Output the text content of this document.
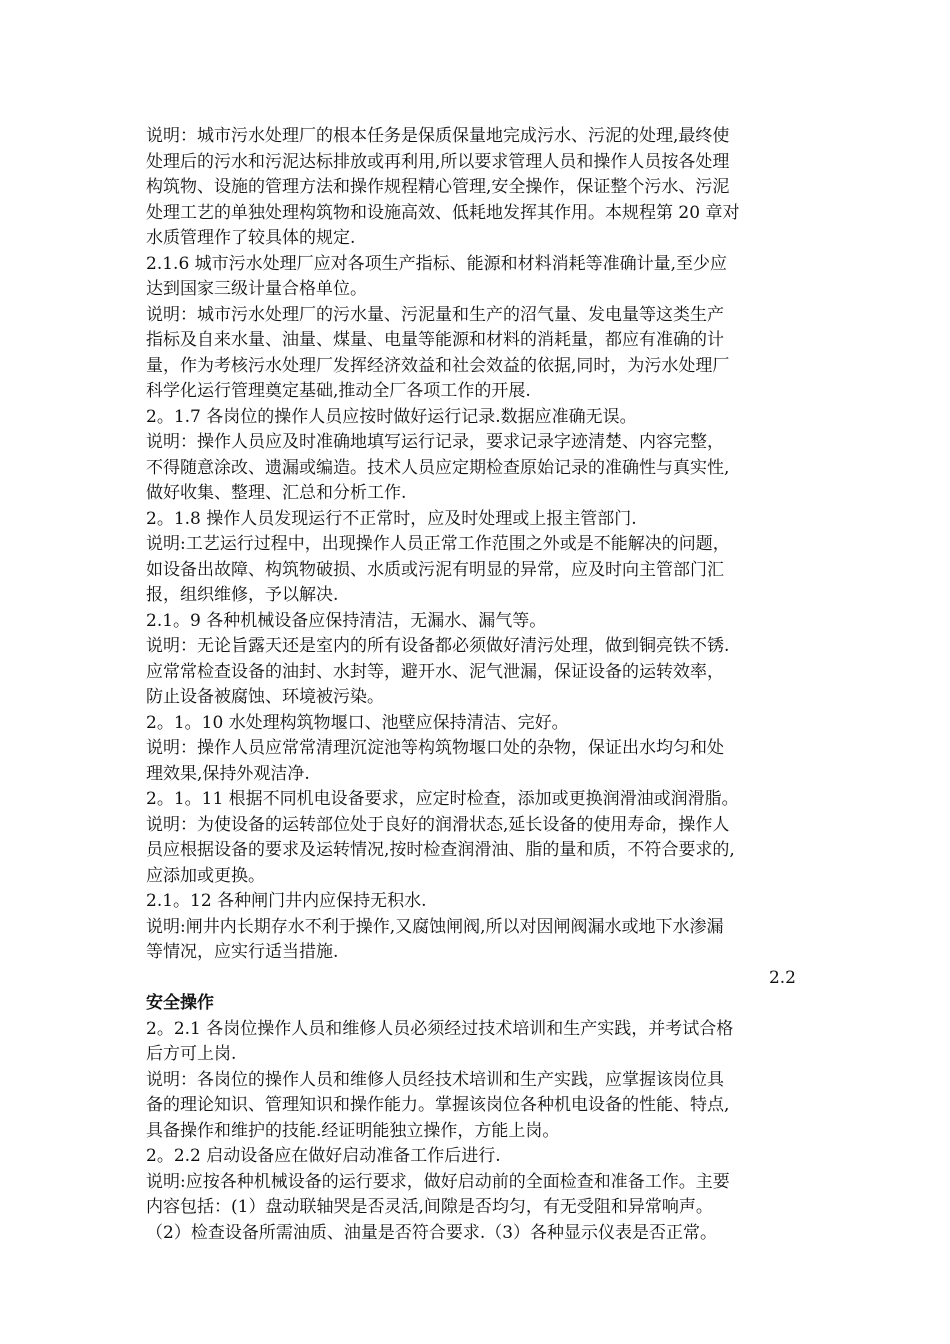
说明：城市污水处理厂的根本任务是保质保量地完成污水、污泥的处理,最终使
处理后的污水和污泥达标排放或再利用,所以要求管理人员和操作人员按各处理
构筑物、设施的管理方法和操作规程精心管理,安全操作，保证整个污水、污泥
处理工艺的单独处理构筑物和设施高效、低耗地发挥其作用。本规程第 20 章对
水质管理作了较具体的规定.
2.1.6 城市污水处理厂应对各项生产指标、能源和材料消耗等准确计量,至少应
达到国家三级计量合格单位。
说明：城市污水处理厂的污水量、污泥量和生产的沼气量、发电量等这类生产
指标及自来水量、油量、煤量、电量等能源和材料的消耗量，都应有准确的计
量，作为考核污水处理厂发挥经济效益和社会效益的依据,同时，为污水处理厂
科学化运行管理奠定基础,推动全厂各项工作的开展.
2。1.7 各岗位的操作人员应按时做好运行记录.数据应准确无误。
说明：操作人员应及时准确地填写运行记录，要求记录字迹清楚、内容完整，
不得随意涂改、遗漏或编造。技术人员应定期检查原始记录的准确性与真实性,
做好收集、整理、汇总和分析工作.
2。1.8 操作人员发现运行不正常时，应及时处理或上报主管部门.
说明:工艺运行过程中，出现操作人员正常工作范围之外或是不能解决的问题，
如设备出故障、构筑物破损、水质或污泥有明显的异常，应及时向主管部门汇
报，组织维修，予以解决.
2.1。9 各种机械设备应保持清洁，无漏水、漏气等。
说明：无论旨露天还是室内的所有设备都必须做好清污处理，做到铜亮铁不锈.
应常常检查设备的油封、水封等，避开水、泥气泄漏，保证设备的运转效率，
防止设备被腐蚀、环境被污染。
2。1。10 水处理构筑物堰口、池壁应保持清洁、完好。
说明：操作人员应常常清理沉淀池等构筑物堰口处的杂物，保证出水均匀和处
理效果,保持外观洁净.
2。1。11 根据不同机电设备要求，应定时检查，添加或更换润滑油或润滑脂。
说明：为使设备的运转部位处于良好的润滑状态,延长设备的使用寿命，操作人
员应根据设备的要求及运转情况,按时检查润滑油、脂的量和质，不符合要求的,
应添加或更换。
2.1。12 各种闸门井内应保持无积水.
说明:闸井内长期存水不利于操作,又腐蚀闸阀,所以对因闸阀漏水或地下水渗漏
等情况，应实行适当措施.
2.2
安全操作
2。2.1 各岗位操作人员和维修人员必须经过技术培训和生产实践，并考试合格
后方可上岗.
说明：各岗位的操作人员和维修人员经技术培训和生产实践，应掌握该岗位具
备的理论知识、管理知识和操作能力。掌握该岗位各种机电设备的性能、特点,
具备操作和维护的技能.经证明能独立操作，方能上岗。
2。2.2 启动设备应在做好启动准备工作后进行.
说明:应按各种机械设备的运行要求，做好启动前的全面检查和准备工作。主要
内容包括：(1）盘动联轴哭是否灵活,间隙是否均匀，有无受阻和异常响声。
（2）检查设备所需油质、油量是否符合要求.（3）各种显示仪表是否正常。
